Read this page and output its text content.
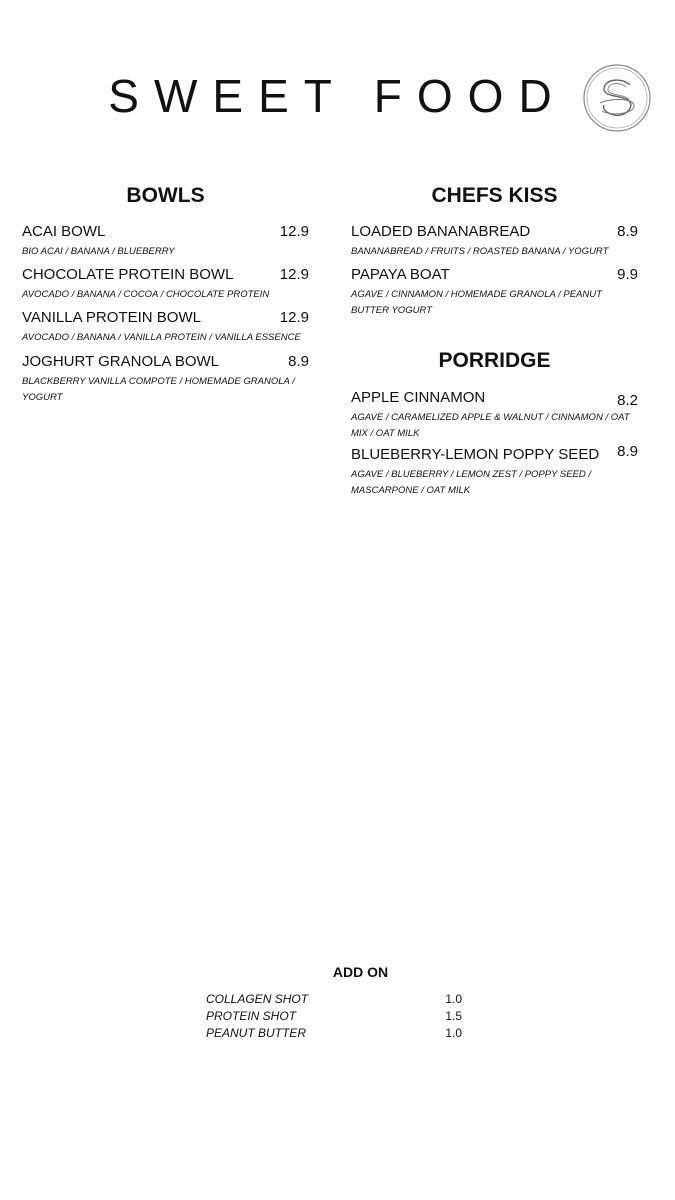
SWEET FOOD
BOWLS
ACAI BOWL	12.9
BIO ACAI / BANANA / BLUEBERRY
CHOCOLATE PROTEIN BOWL	12.9
AVOCADO / BANANA / COCOA / CHOCOLATE PROTEIN
VANILLA PROTEIN BOWL	12.9
AVOCADO / BANANA / VANILLA PROTEIN / VANILLA ESSENCE
JOGHURT GRANOLA BOWL	8.9
BLACKBERRY VANILLA COMPOTE / HOMEMADE GRANOLA / YOGURT
CHEFS KISS
LOADED BANANABREAD	8.9
BANANABREAD / FRUITS / ROASTED BANANA / YOGURT
PAPAYA BOAT	9.9
AGAVE / CINNAMON / HOMEMADE GRANOLA / PEANUT BUTTER YOGURT
PORRIDGE
APPLE CINNAMON	8.2
AGAVE / CARAMELIZED APPLE & WALNUT / CINNAMON / OAT MIX / OAT MILK
BLUEBERRY-LEMON POPPY SEED 8.9
AGAVE / BLUEBERRY / LEMON ZEST / POPPY SEED / MASCARPONE / OAT MILK
ADD ON
COLLAGEN SHOT	1.0
PROTEIN SHOT	1.5
PEANUT BUTTER	1.0
